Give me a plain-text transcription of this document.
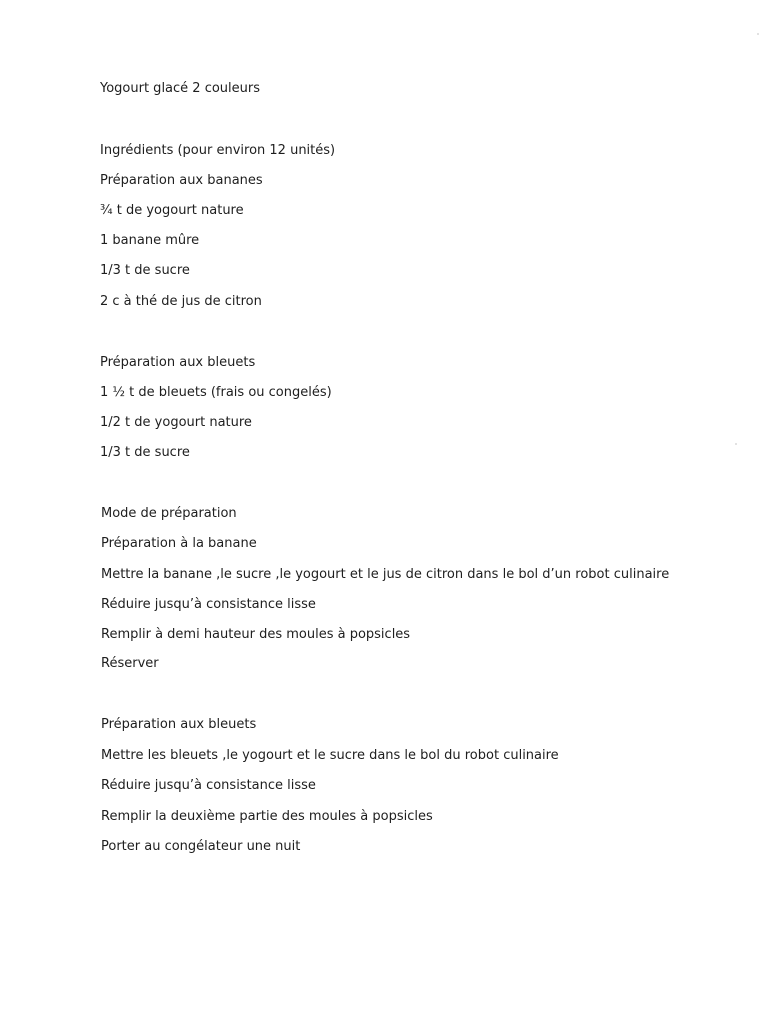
Yogourt glacé 2 couleurs
Ingrédients (pour environ 12 unités)
Préparation aux bananes
¾ t de yogourt nature
1 banane mûre
1/3 t de sucre
2 c à thé de jus de citron
Préparation aux bleuets
1 ½ t de bleuets (frais ou congelés)
1/2 t de yogourt nature
1/3 t de sucre
Mode de préparation
Préparation à la banane
Mettre la banane ,le sucre ,le yogourt et le jus de citron dans le bol d’un robot culinaire
Réduire jusqu’à consistance lisse
Remplir à demi hauteur des moules à popsicles
Réserver
Préparation aux bleuets
Mettre les bleuets ,le yogourt et le sucre dans le bol du robot culinaire
Réduire jusqu’à consistance lisse
Remplir la deuxième partie des moules à popsicles
Porter au congélateur une nuit
